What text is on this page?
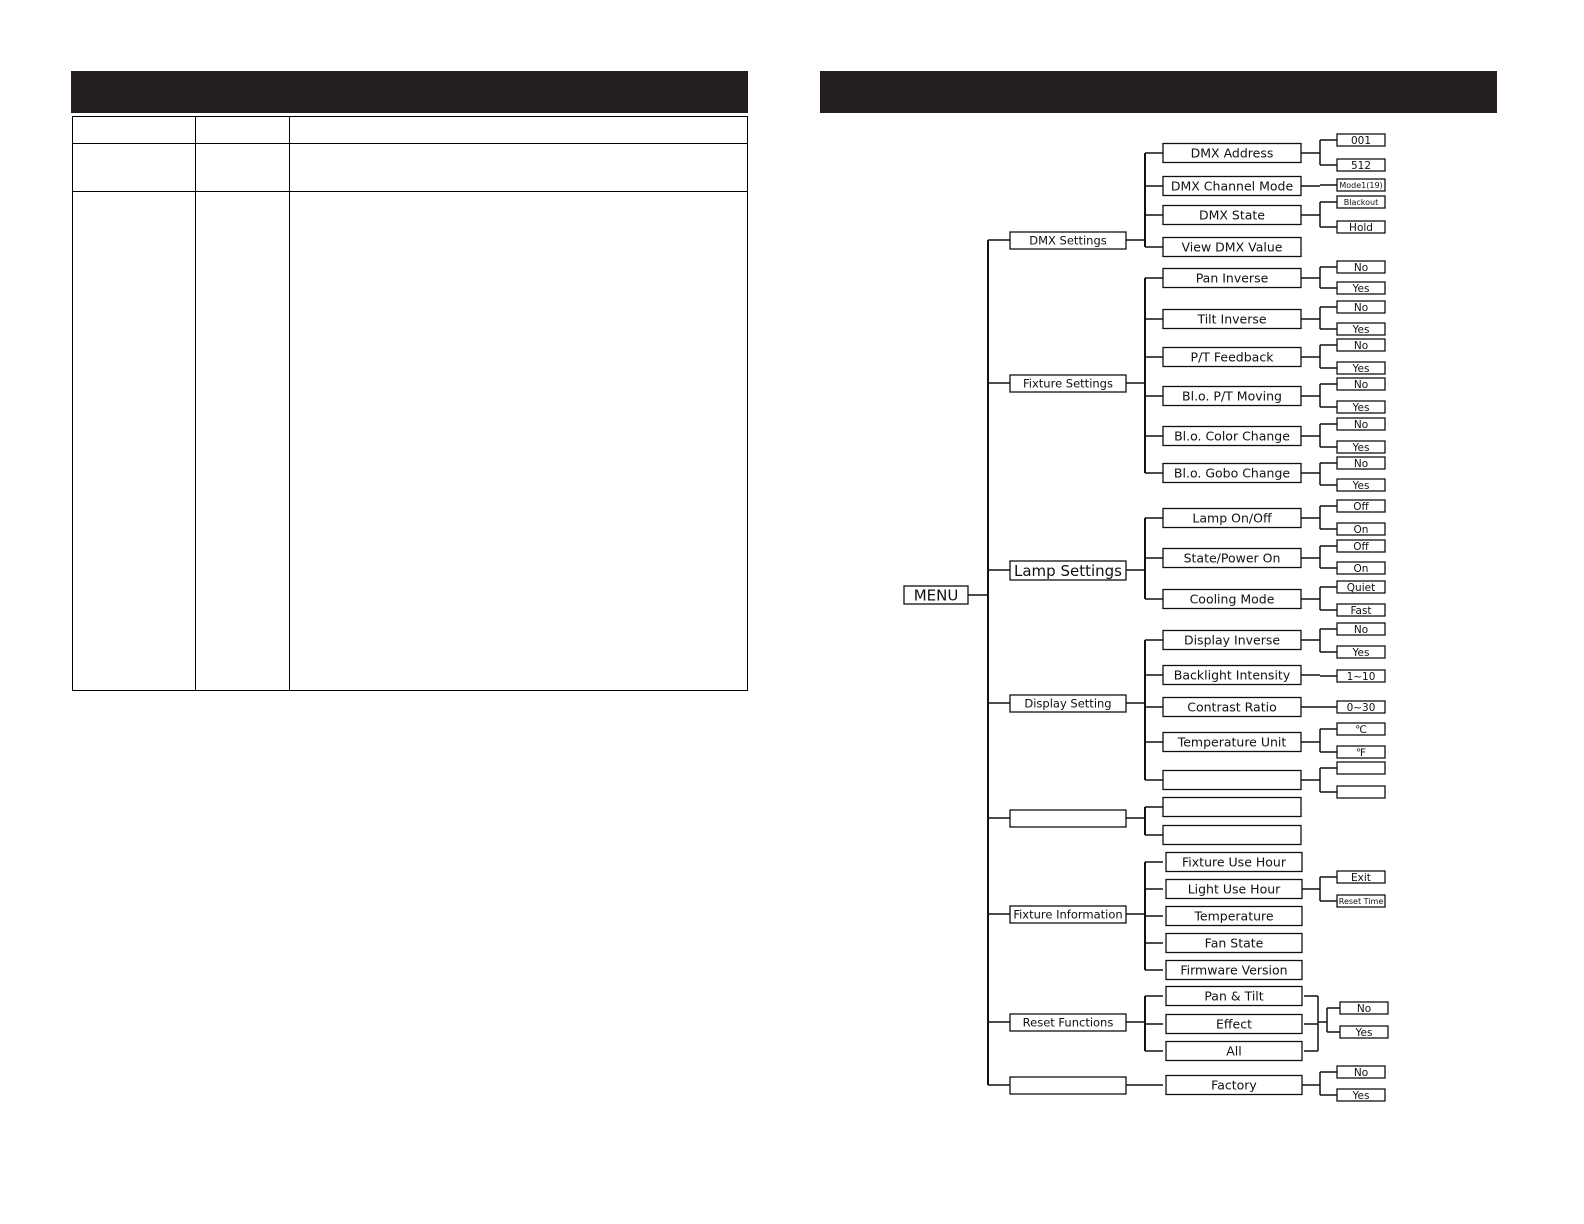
MENU
DMX Settings
DMX Address
001
512
DMX Channel Mode	Mode1(19)
DMX State
Blackout
Hold
View DMX Value
Fixture Settings
Pan Inverse
No
Yes
Tilt Inverse
No
Yes
P/T Feedback
No
Yes
Bl.o. P/T Moving
No
Yes
Bl.o. Color Change
No
Yes
Bl.o. Gobo Change
No
Yes
Lamp Settings
Lamp On/Off
Off
On
State/Power On
Off
On
Cooling Mode
Quiet
Fast
Display Setting
Display Inverse
No
Yes
Backlight Intensity	1~10
Contrast Ratio	0~30
Temperature Unit
℃
℉
Fixture Information
Fixture Use Hour
Light Use Hour
Exit
Reset Time
Temperature
Fan State
Firmware Version
Reset Functions
Pan & Tilt
Effect
All
No
Yes
Factory
No
Yes
